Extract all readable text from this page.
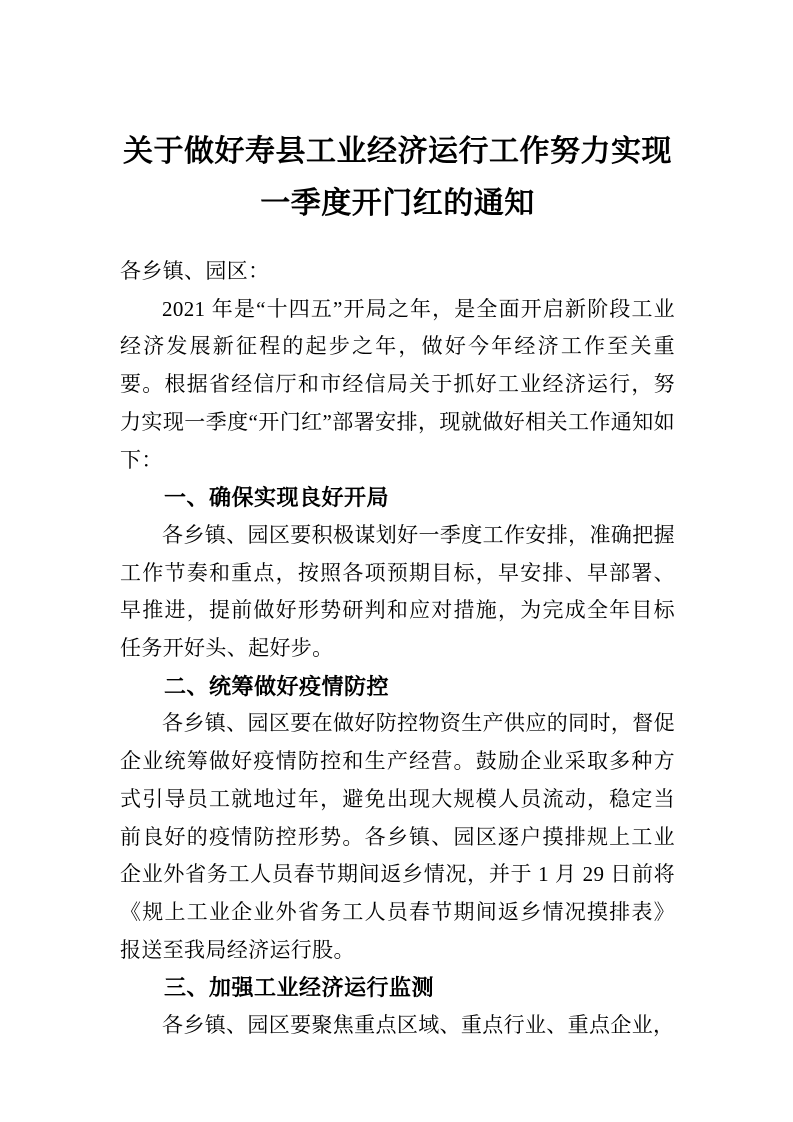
关于做好寿县工业经济运行工作努力实现
一季度开门红的通知

各乡镇、园区：

2021 年是“十四五”开局之年，是全面开启新阶段工业经济发展新征程的起步之年，做好今年经济工作至关重要。根据省经信厅和市经信局关于抓好工业经济运行，努力实现一季度“开门红”部署安排，现就做好相关工作通知如下：

一、确保实现良好开局

各乡镇、园区要积极谋划好一季度工作安排，准确把握工作节奏和重点，按照各项预期目标，早安排、早部署、早推进，提前做好形势研判和应对措施，为完成全年目标任务开好头、起好步。

二、统筹做好疫情防控

各乡镇、园区要在做好防控物资生产供应的同时，督促企业统筹做好疫情防控和生产经营。鼓励企业采取多种方式引导员工就地过年，避免出现大规模人员流动，稳定当前良好的疫情防控形势。各乡镇、园区逐户摸排规上工业企业外省务工人员春节期间返乡情况，并于 1 月 29 日前将《规上工业企业外省务工人员春节期间返乡情况摸排表》报送至我局经济运行股。

三、加强工业经济运行监测

各乡镇、园区要聚焦重点区域、重点行业、重点企业，
